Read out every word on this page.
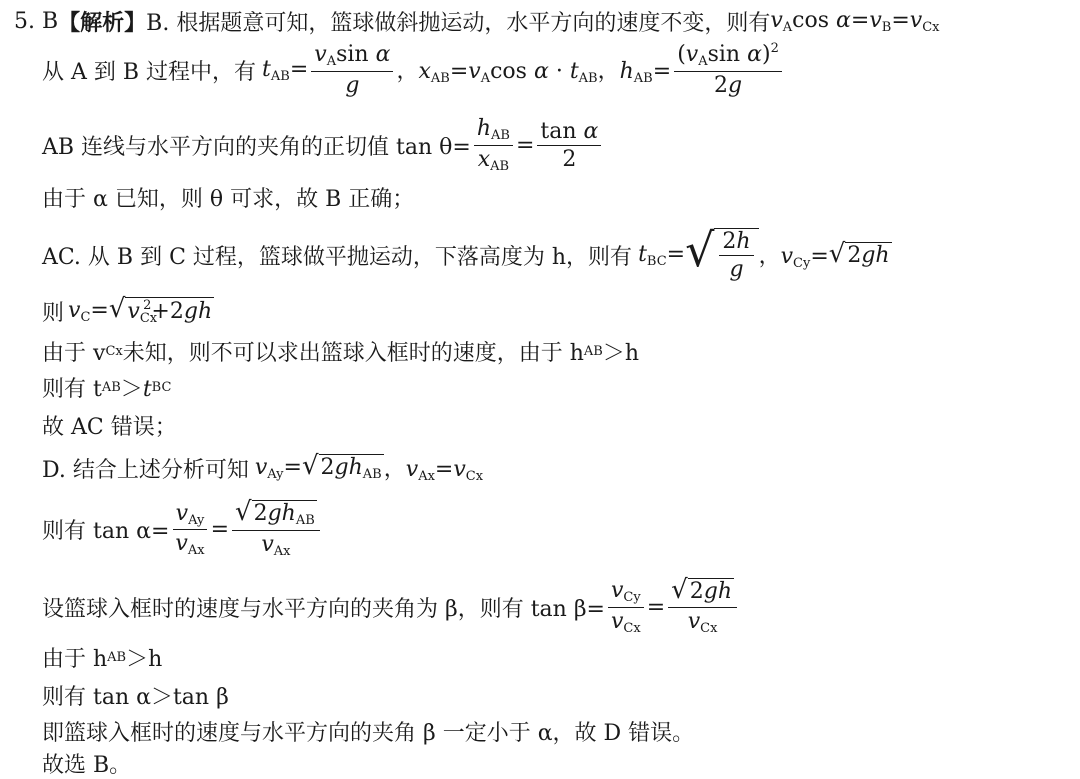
5. B 【解析】 B. 根据题意可知，篮球做斜抛运动，水平方向的速度不变，则有 $v_A\cos$ $\alpha=v_B=v_{Cx}$
从 A 到 B 过程中，有 $t_{AB}= \frac{v_A\sin \alpha}{g}$ ，$x_{AB}=v_A\cos$ $\alpha \cdot t_{AB}$，$h_{AB}= \frac{(v_A\sin \alpha)^2}{2g}$
AB 连线与水平方向的夹角的正切值 $\tan \theta= \frac{h_{AB}}{x_{AB}} = \frac{\text{tan α}}{2}$
由于 α 已知，则 θ 可求，故 B 正确；
AC. 从 B 到 C 过程，篮球做平抛运动，下落高度为 h，则有 $t_{BC}=$ √ $\frac{2h}{g}$ ，$v_{Cy}=$ √ 2gh
则 $v_C=$ √ $v_{Cx}^2+2gh$
由于 v Cx 未知，则不可以求出篮球入框时的速度，由于 h AB ＞h
则有 t AB ＞t BC
故 AC 错误；
D. 结合上述分析可知 $v_{Ay}=$ √ $2gh_{AB}$ ，$v_{Ax}=v_{Cx}$
则有 $\tan \alpha= \frac{v_{Ay}}{v_{Ax}} = \frac{√ 2gh_{AB}}{v_{Ax}}$
设篮球入框时的速度与水平方向的夹角为 β，则有 $\tan \beta= \frac{v_{Cy}}{v_{Cx}} = \frac{√ 2gh}{v_{Cx}}$
由于 h AB ＞h
则有 tan α＞tan β
即篮球入框时的速度与水平方向的夹角 β 一定小于 α，故 D 错误。
故选 B。
